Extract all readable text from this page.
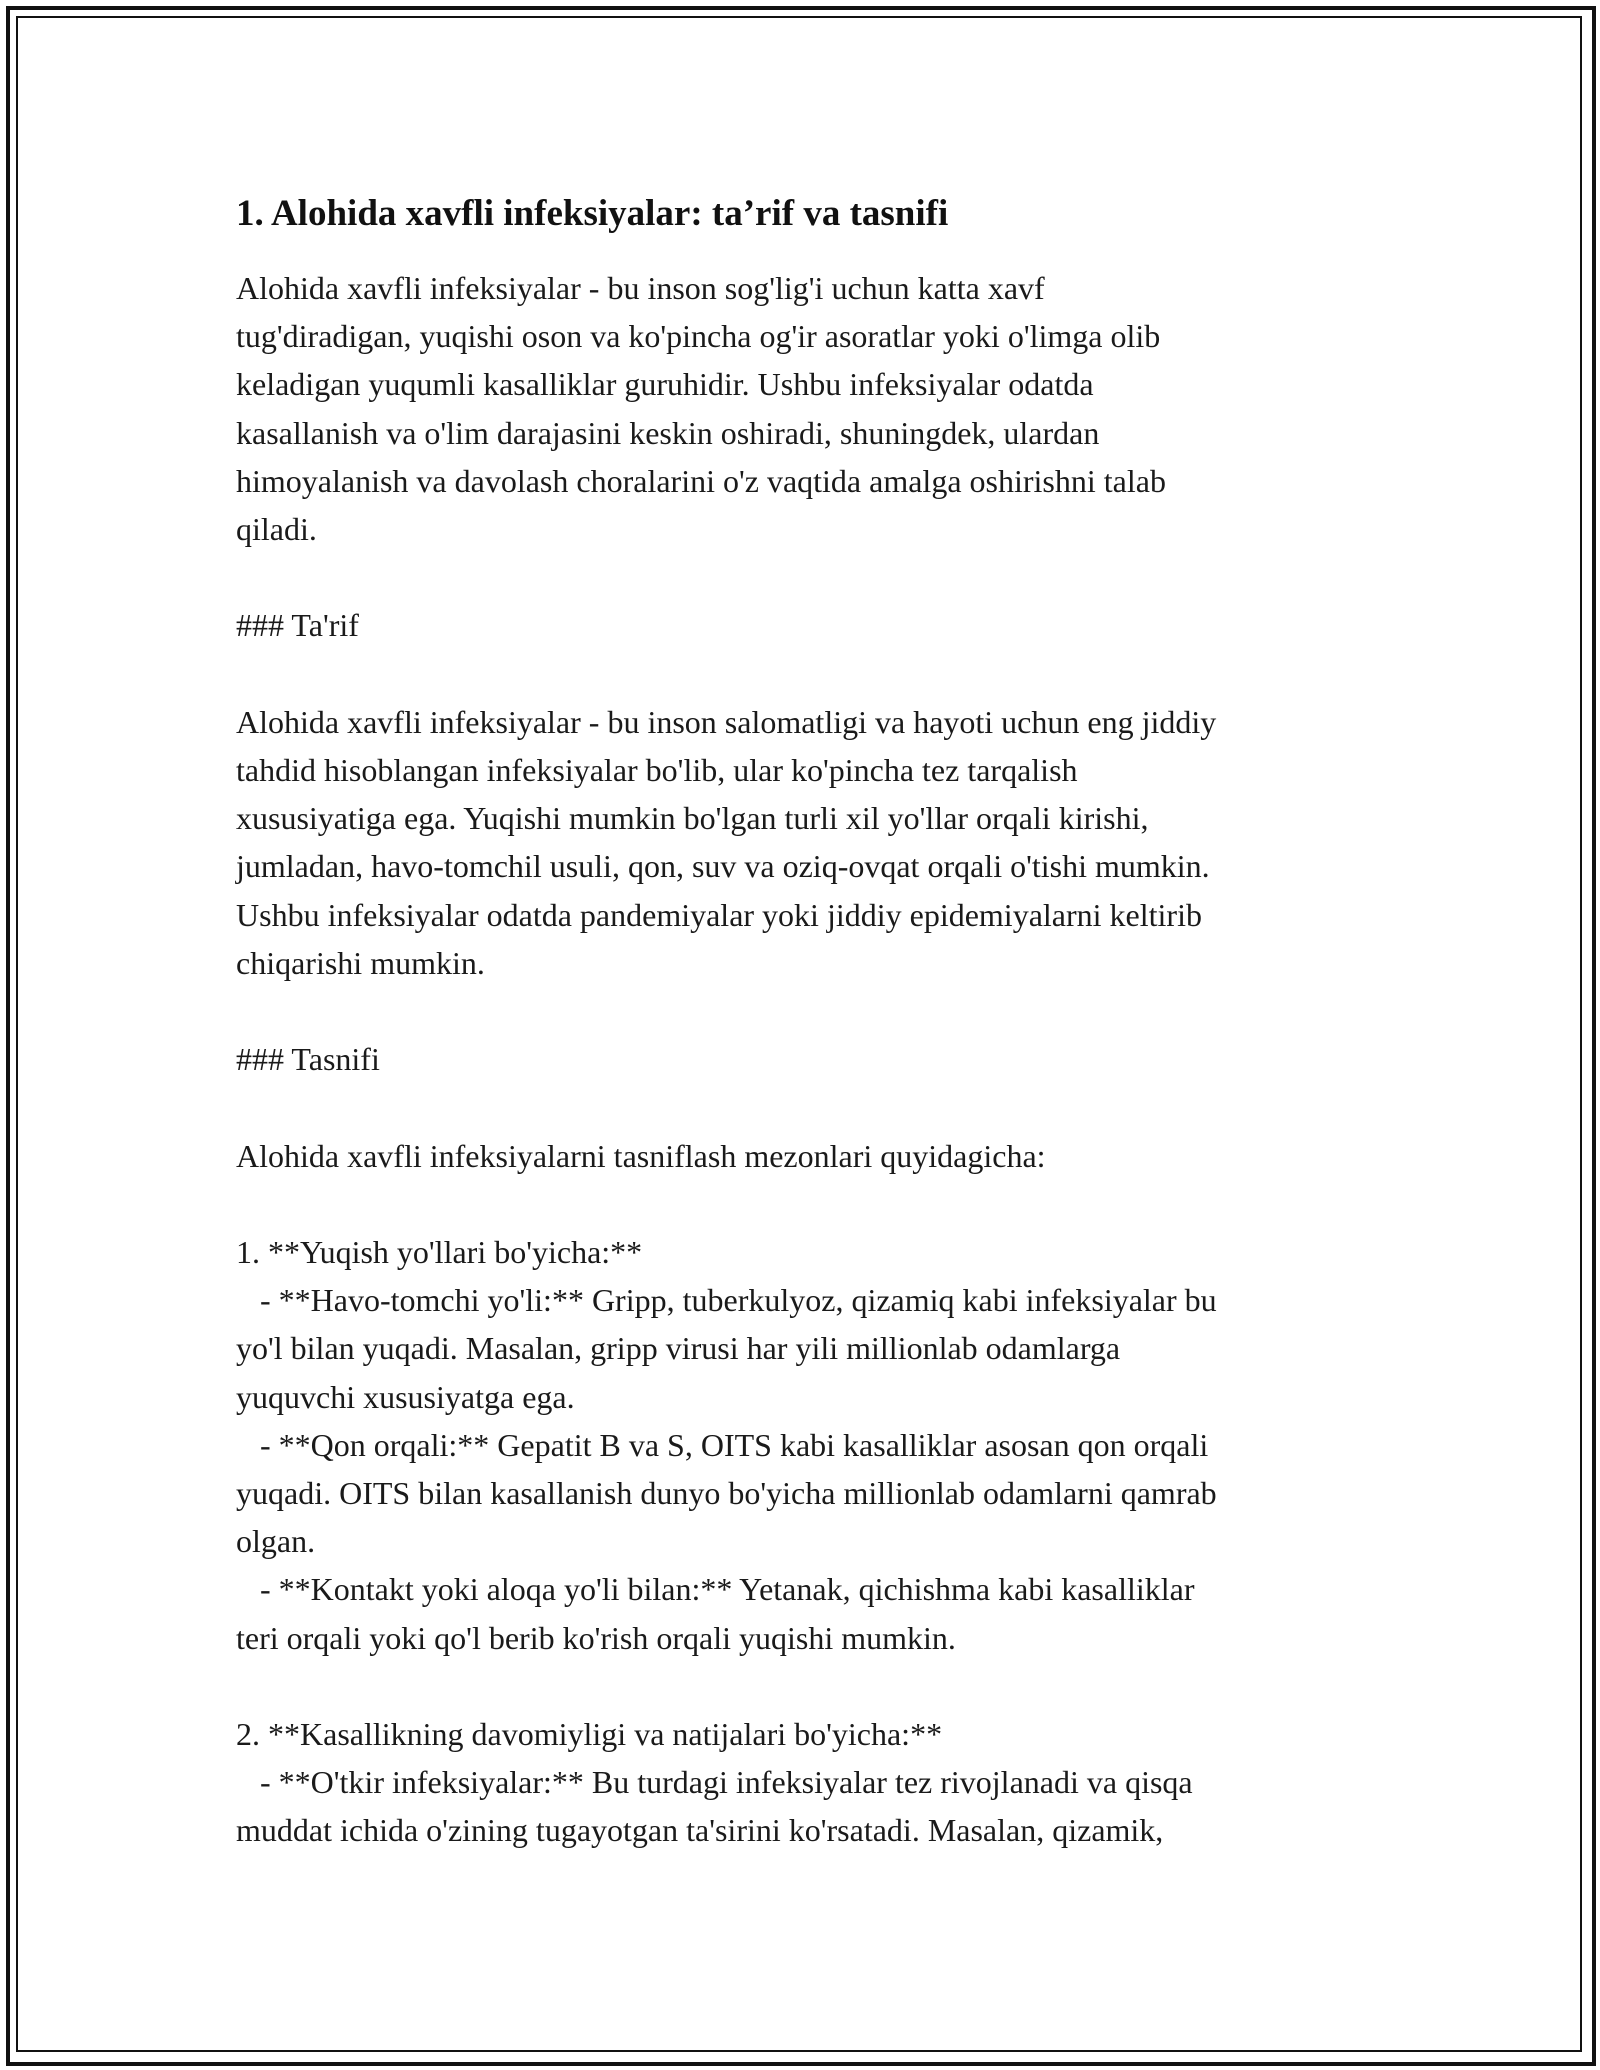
1. Alohida xavfli infeksiyalar: ta’rif va tasnifi

Alohida xavfli infeksiyalar - bu inson sog'lig'i uchun katta xavf
tug'diradigan, yuqishi oson va ko'pincha og'ir asoratlar yoki o'limga olib
keladigan yuqumli kasalliklar guruhidir. Ushbu infeksiyalar odatda
kasallanish va o'lim darajasini keskin oshiradi, shuningdek, ulardan
himoyalanish va davolash choralarini o'z vaqtida amalga oshirishni talab
qiladi.

### Ta'rif

Alohida xavfli infeksiyalar - bu inson salomatligi va hayoti uchun eng jiddiy
tahdid hisoblangan infeksiyalar bo'lib, ular ko'pincha tez tarqalish
xususiyatiga ega. Yuqishi mumkin bo'lgan turli xil yo'llar orqali kirishi,
jumladan, havo-tomchil usuli, qon, suv va oziq-ovqat orqali o'tishi mumkin.
Ushbu infeksiyalar odatda pandemiyalar yoki jiddiy epidemiyalarni keltirib
chiqarishi mumkin.

### Tasnifi

Alohida xavfli infeksiyalarni tasniflash mezonlari quyidagicha:

1. **Yuqish yo'llari bo'yicha:**
- **Havo-tomchi yo'li:** Gripp, tuberkulyoz, qizamiq kabi infeksiyalar bu
yo'l bilan yuqadi. Masalan, gripp virusi har yili millionlab odamlarga
yuquvchi xususiyatga ega.
- **Qon orqali:** Gepatit B va S, OITS kabi kasalliklar asosan qon orqali
yuqadi. OITS bilan kasallanish dunyo bo'yicha millionlab odamlarni qamrab
olgan.
- **Kontakt yoki aloqa yo'li bilan:** Yetanak, qichishma kabi kasalliklar
teri orqali yoki qo'l berib ko'rish orqali yuqishi mumkin.

2. **Kasallikning davomiyligi va natijalari bo'yicha:**
- **O'tkir infeksiyalar:** Bu turdagi infeksiyalar tez rivojlanadi va qisqa
muddat ichida o'zining tugayotgan ta'sirini ko'rsatadi. Masalan, qizamik,
